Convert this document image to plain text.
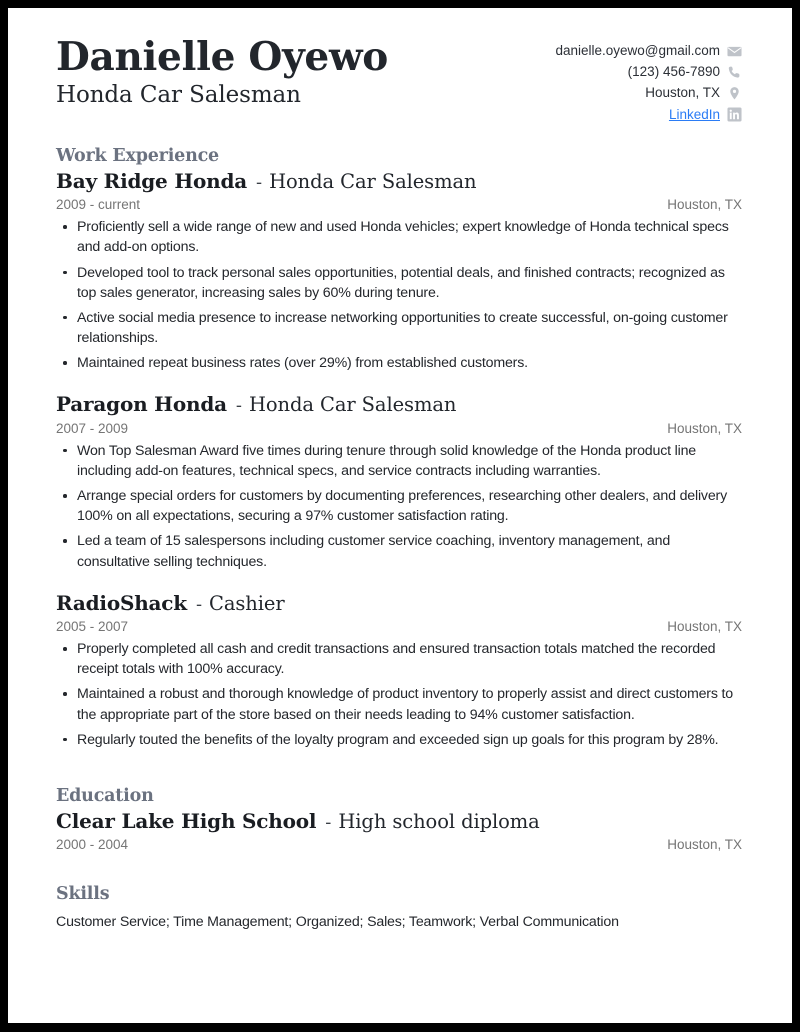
Danielle Oyewo
Honda Car Salesman
danielle.oyewo@gmail.com
(123) 456-7890
Houston, TX
LinkedIn
Work Experience
Bay Ridge Honda - Honda Car Salesman
2009 - current	Houston, TX
Proficiently sell a wide range of new and used Honda vehicles; expert knowledge of Honda technical specs and add-on options.
Developed tool to track personal sales opportunities, potential deals, and finished contracts; recognized as top sales generator, increasing sales by 60% during tenure.
Active social media presence to increase networking opportunities to create successful, on-going customer relationships.
Maintained repeat business rates (over 29%) from established customers.
Paragon Honda - Honda Car Salesman
2007 - 2009	Houston, TX
Won Top Salesman Award five times during tenure through solid knowledge of the Honda product line including add-on features, technical specs, and service contracts including warranties.
Arrange special orders for customers by documenting preferences, researching other dealers, and delivery 100% on all expectations, securing a 97% customer satisfaction rating.
Led a team of 15 salespersons including customer service coaching, inventory management, and consultative selling techniques.
RadioShack - Cashier
2005 - 2007	Houston, TX
Properly completed all cash and credit transactions and ensured transaction totals matched the recorded receipt totals with 100% accuracy.
Maintained a robust and thorough knowledge of product inventory to properly assist and direct customers to the appropriate part of the store based on their needs leading to 94% customer satisfaction.
Regularly touted the benefits of the loyalty program and exceeded sign up goals for this program by 28%.
Education
Clear Lake High School - High school diploma
2000 - 2004	Houston, TX
Skills
Customer Service; Time Management; Organized; Sales; Teamwork; Verbal Communication
